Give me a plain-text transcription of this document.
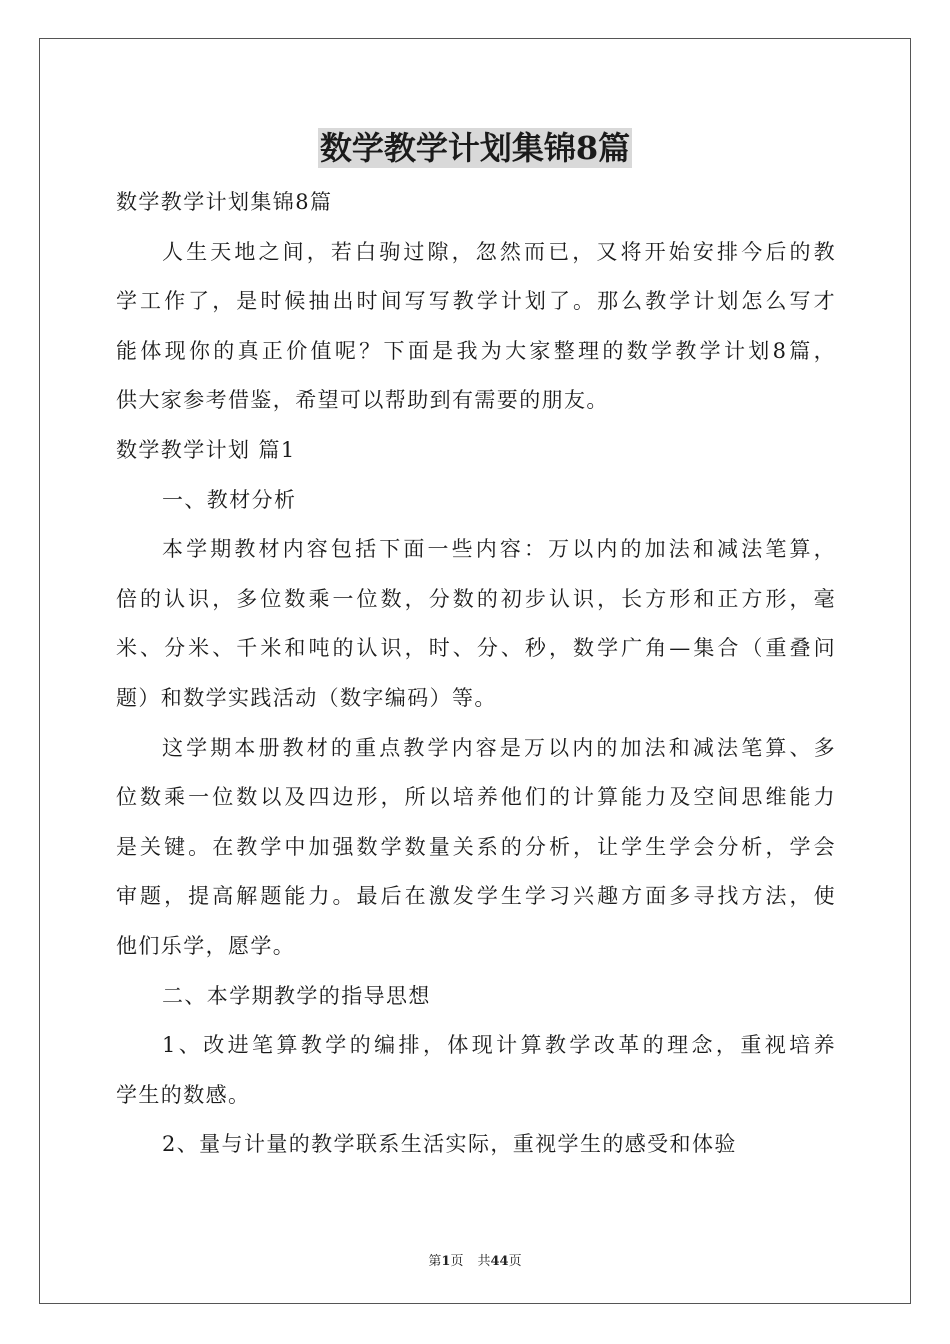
数学教学计划集锦8篇
数学教学计划集锦8篇
人生天地之间，若白驹过隙，忽然而已，又将开始安排今后的教
学工作了，是时候抽出时间写写教学计划了。那么教学计划怎么写才
能体现你的真正价值呢？下面是我为大家整理的数学教学计划8篇，
供大家参考借鉴，希望可以帮助到有需要的朋友。
数学教学计划 篇1
一、教材分析
本学期教材内容包括下面一些内容：万以内的加法和减法笔算，
倍的认识，多位数乘一位数，分数的初步认识，长方形和正方形，毫
米、分米、千米和吨的认识，时、分、秒，数学广角—集合（重叠问
题）和数学实践活动（数字编码）等。
这学期本册教材的重点教学内容是万以内的加法和减法笔算、多
位数乘一位数以及四边形，所以培养他们的计算能力及空间思维能力
是关键。在教学中加强数学数量关系的分析，让学生学会分析，学会
审题，提高解题能力。最后在激发学生学习兴趣方面多寻找方法，使
他们乐学，愿学。
二、本学期教学的指导思想
1、改进笔算教学的编排，体现计算教学改革的理念，重视培养
学生的数感。
2、量与计量的教学联系生活实际，重视学生的感受和体验
第1页 共44页
